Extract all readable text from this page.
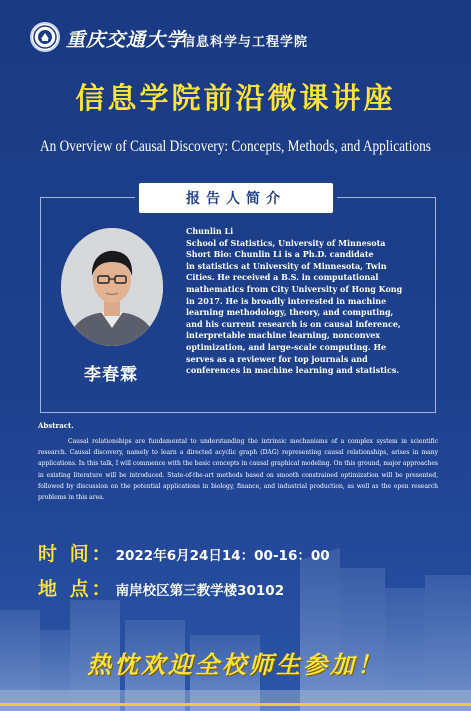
重庆交通大学
信息科学与工程学院
信息学院前沿微课讲座
An Overview of Causal Discovery: Concepts, Methods, and Applications
报告人简介
李春霖
Chunlin Li
School of Statistics, University of Minnesota
Short Bio: Chunlin Li is a Ph.D. candidate
in statistics at University of Minnesota, Twin
Cities. He received a B.S. in computational
mathematics from City University of Hong Kong
in 2017. He is broadly interested in machine
learning methodology, theory, and computing,
and his current research is on causal inference,
interpretable machine learning, nonconvex
optimization, and large-scale computing. He
serves as a reviewer for top journals and
conferences in machine learning and statistics.
Abstract.
Causal relationships are fundamental to understanding the intrinsic mechanisms of a complex system in scientific research. Causal discovery, namely to learn a directed acyclic graph (DAG) representing causal relationships, arises in many applications. In this talk, I will commence with the basic concepts in causal graphical modeling. On this ground, major approaches in existing literature will be introduced. State-of-the-art methods based on smooth constrained optimization will be presented, followed by discussion on the potential applications in biology, finance, and industrial production, as well as the open research problems in this area.
时 间： 2022年6月24日14：00-16：00
地 点： 南岸校区第三教学楼30102
热忱欢迎全校师生参加！
